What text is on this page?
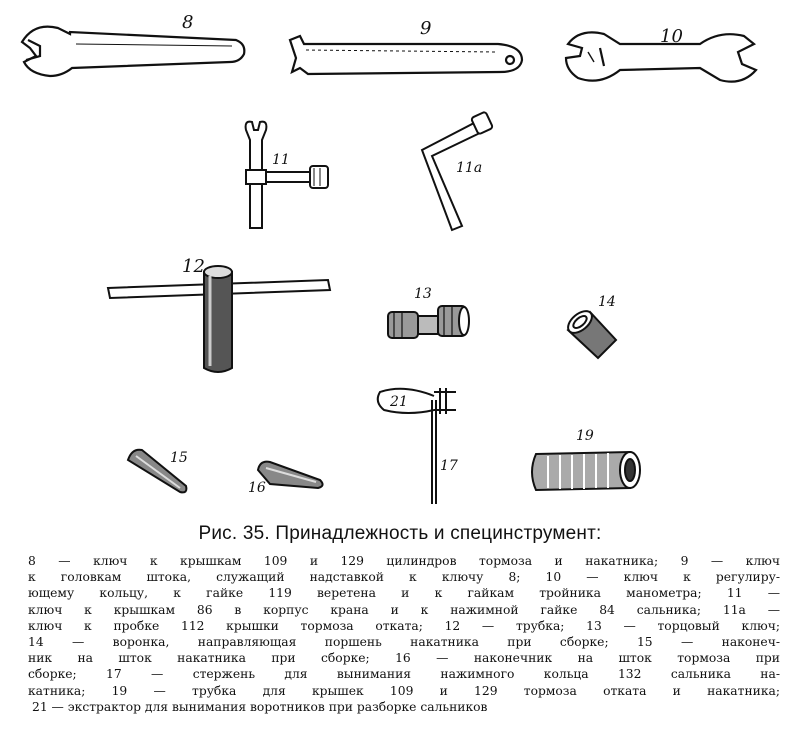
8	9	10
11	11a
12
13	14
15
16
21
17
19
Рис. 35. Принадлежность и специнструмент:
8 — ключ к крышкам 109 и 129 цилиндров тормоза и накатника; 9 — ключ
к головкам штока, служащий надставкой к ключу 8; 10 — ключ к регулиру-
ющему кольцу, к гайке 119 веретена и к гайкам тройника манометра; 11 —
ключ к крышкам 86 в корпус крана и к нажимной гайке 84 сальника; 11а —
ключ к пробке 112 крышки тормоза отката; 12 — трубка; 13 — торцовый ключ;
14 — воронка, направляющая поршень накатника при сборке; 15 — наконеч-
ник на шток накатника при сборке; 16 — наконечник на шток тормоза при
сборке; 17 — стержень для вынимания нажимного кольца 132 сальника на-
катника; 19 — трубка для крышек 109 и 129 тормоза отката и накатника;
21 — экстрактор для вынимания воротников при разборке сальников
